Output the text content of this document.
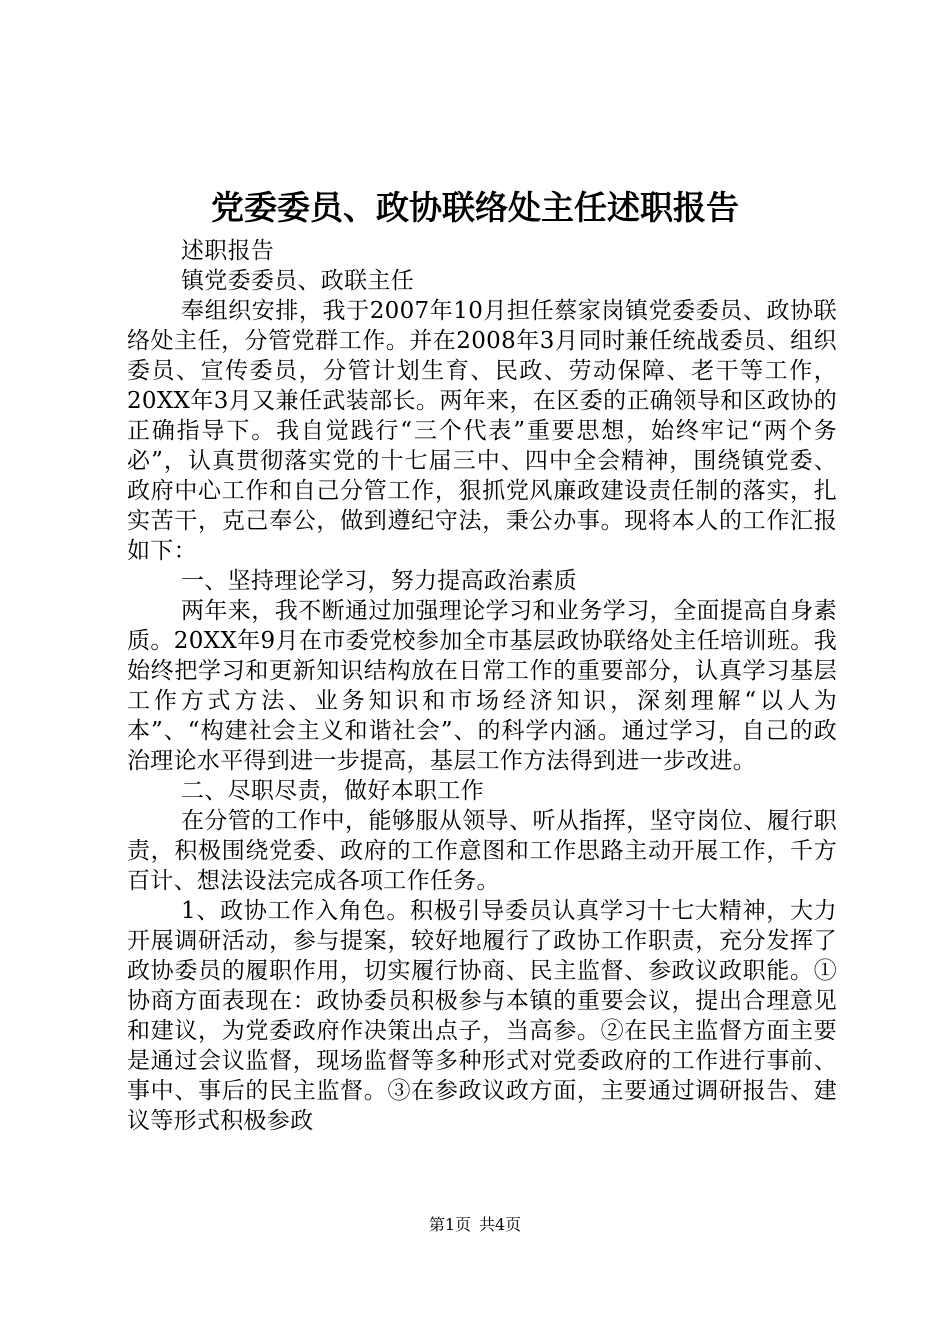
党委委员、政协联络处主任述职报告

述职报告

镇党委委员、政联主任

奉组织安排，我于2007年10月担任蔡家岗镇党委委员、政协联络处主任，分管党群工作。并在2008年3月同时兼任统战委员、组织委员、宣传委员，分管计划生育、民政、劳动保障、老干等工作，20XX年3月又兼任武装部长。两年来，在区委的正确领导和区政协的正确指导下。我自觉践行“三个代表”重要思想，始终牢记“两个务必”，认真贯彻落实党的十七届三中、四中全会精神，围绕镇党委、政府中心工作和自己分管工作，狠抓党风廉政建设责任制的落实，扎实苦干，克己奉公，做到遵纪守法，秉公办事。现将本人的工作汇报如下：

一、坚持理论学习，努力提高政治素质

两年来，我不断通过加强理论学习和业务学习，全面提高自身素质。20XX年9月在市委党校参加全市基层政协联络处主任培训班。我始终把学习和更新知识结构放在日常工作的重要部分，认真学习基层工作方式方法、业务知识和市场经济知识，深刻理解“以人为本”、“构建社会主义和谐社会”、的科学内涵。通过学习，自己的政治理论水平得到进一步提高，基层工作方法得到进一步改进。

二、尽职尽责，做好本职工作

在分管的工作中，能够服从领导、听从指挥，坚守岗位、履行职责，积极围绕党委、政府的工作意图和工作思路主动开展工作，千方百计、想法设法完成各项工作任务。

1、政协工作入角色。积极引导委员认真学习十七大精神，大力开展调研活动，参与提案，较好地履行了政协工作职责，充分发挥了政协委员的履职作用，切实履行协商、民主监督、参政议政职能。①协商方面表现在：政协委员积极参与本镇的重要会议，提出合理意见和建议，为党委政府作决策出点子，当高参。②在民主监督方面主要是通过会议监督，现场监督等多种形式对党委政府的工作进行事前、事中、事后的民主监督。③在参政议政方面，主要通过调研报告、建议等形式积极参政

第1页 共4页
